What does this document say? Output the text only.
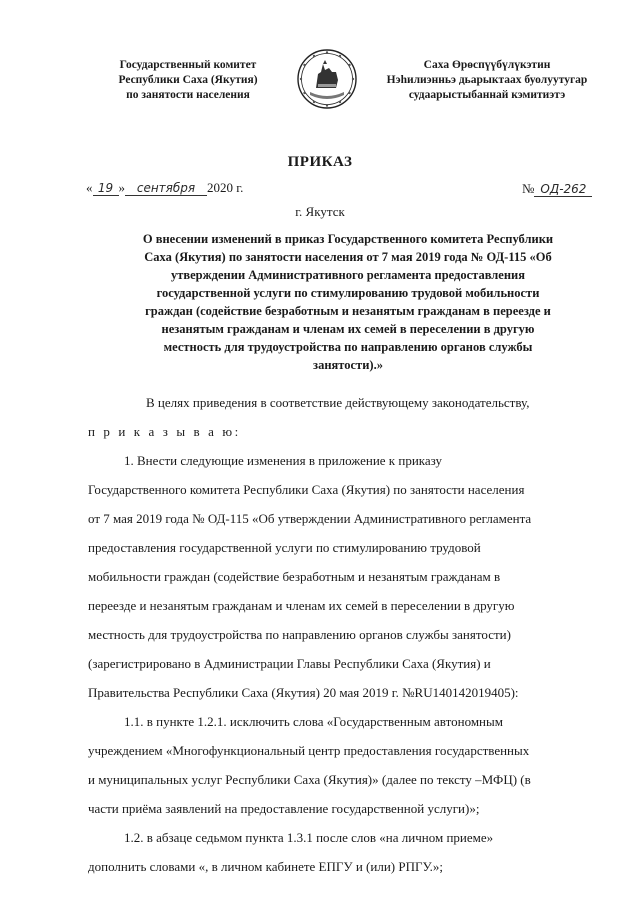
Государственный комитет
Республики Саха (Якутия)
по занятости населения
Саха Өрөспүүбүлүкэтин
Нэһилиэнньэ дьарыктаах буолуутугар
судаарыстыбаннай кэмитиэтэ
ПРИКАЗ
« 19 » сентября 2020 г.	№ ОД-262
г. Якутск
О внесении изменений в приказ Государственного комитета Республики
Саха (Якутия) по занятости населения от 7 мая 2019 года № ОД-115 «Об
утверждении Административного регламента предоставления
государственной услуги по стимулированию трудовой мобильности
граждан (содействие безработным и незанятым гражданам в переезде и
незанятым гражданам и членам их семей в переселении в другую
местность для трудоустройства по направлению органов службы
занятости).»
В целях приведения в соответствие действующему законодательству,
п р и к а з ы в а ю:
1. Внести следующие изменения в приложение к приказу
Государственного комитета Республики Саха (Якутия) по занятости населения
от 7 мая 2019 года № ОД-115 «Об утверждении Административного регламента
предоставления государственной услуги по стимулированию трудовой
мобильности граждан (содействие безработным и незанятым гражданам в
переезде и незанятым гражданам и членам их семей в переселении в другую
местность для трудоустройства по направлению органов службы занятости)
(зарегистрировано в Администрации Главы Республики Саха (Якутия) и
Правительства Республики Саха (Якутия) 20 мая 2019 г. №RU140142019405):
1.1. в пункте 1.2.1. исключить слова «Государственным автономным
учреждением «Многофункциональный центр предоставления государственных
и муниципальных услуг Республики Саха (Якутия)» (далее по тексту –МФЦ) (в
части приёма заявлений на предоставление государственной услуги)»;
1.2. в абзаце седьмом пункта 1.3.1 после слов «на личном приеме»
дополнить словами «, в личном кабинете ЕПГУ и (или) РПГУ.»;
